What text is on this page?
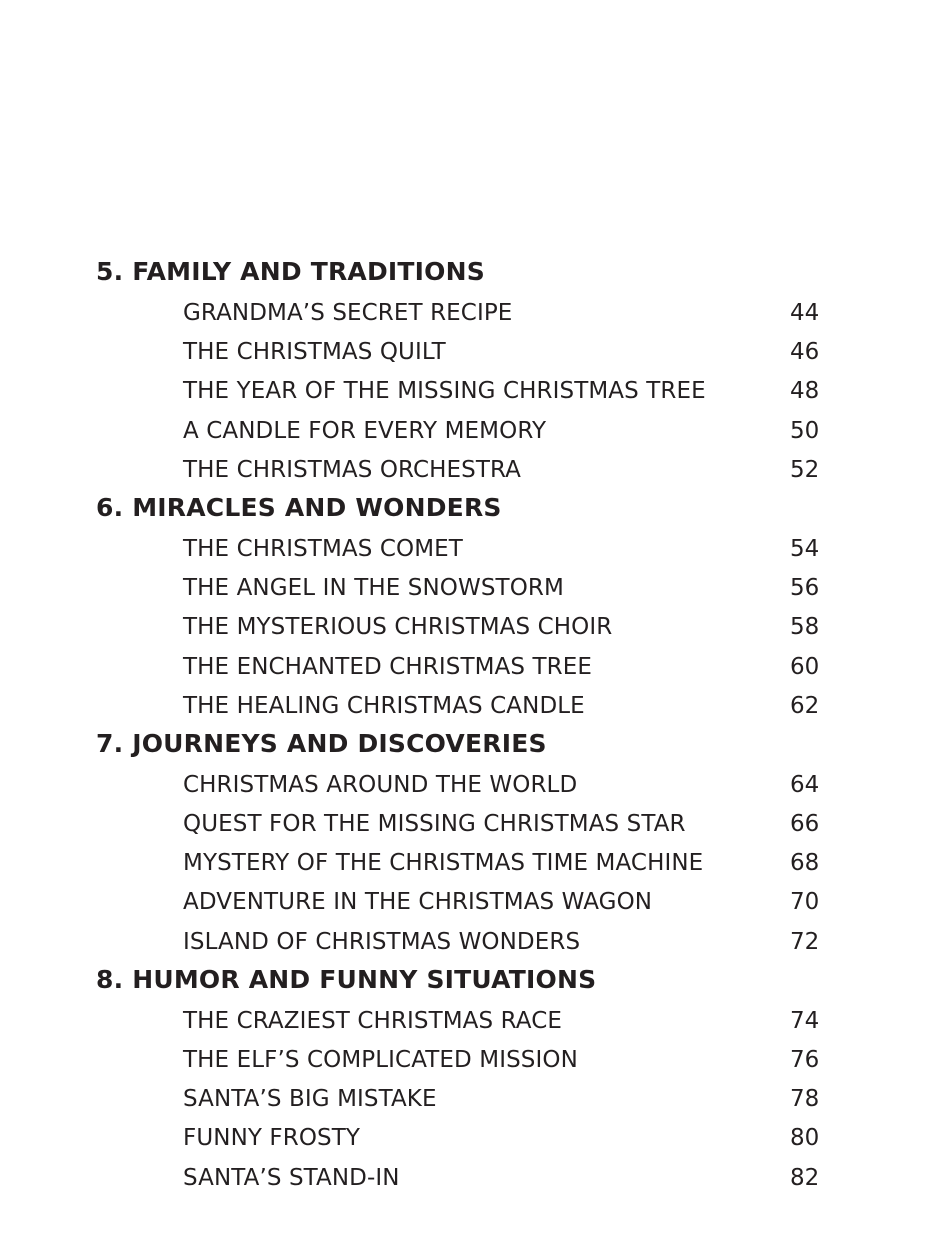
5. FAMILY AND TRADITIONS
GRANDMA’S SECRET RECIPE	44
THE CHRISTMAS QUILT	46
THE YEAR OF THE MISSING CHRISTMAS TREE	48
A CANDLE FOR EVERY MEMORY	50
THE CHRISTMAS ORCHESTRA	52
6. MIRACLES AND WONDERS
THE CHRISTMAS COMET	54
THE ANGEL IN THE SNOWSTORM	56
THE MYSTERIOUS CHRISTMAS CHOIR	58
THE ENCHANTED CHRISTMAS TREE	60
THE HEALING CHRISTMAS CANDLE	62
7. JOURNEYS AND DISCOVERIES
CHRISTMAS AROUND THE WORLD	64
QUEST FOR THE MISSING CHRISTMAS STAR	66
MYSTERY OF THE CHRISTMAS TIME MACHINE	68
ADVENTURE IN THE CHRISTMAS WAGON	70
ISLAND OF CHRISTMAS WONDERS	72
8. HUMOR AND FUNNY SITUATIONS
THE CRAZIEST CHRISTMAS RACE	74
THE ELF’S COMPLICATED MISSION	76
SANTA’S BIG MISTAKE	78
FUNNY FROSTY	80
SANTA’S STAND-IN	82
